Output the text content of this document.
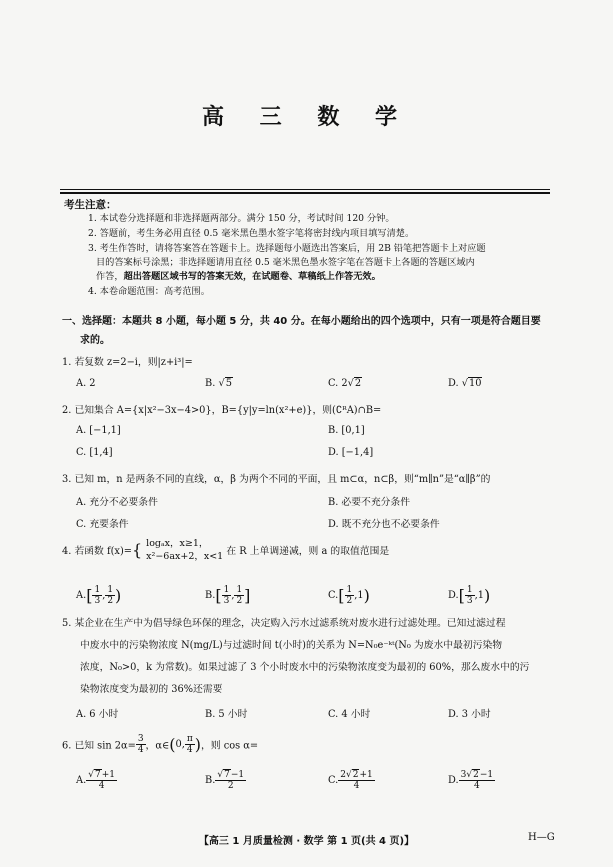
高 三 数 学
考生注意：
1. 本试卷分选择题和非选择题两部分。满分 150 分，考试时间 120 分钟。
2. 答题前，考生务必用直径 0.5 毫米黑色墨水签字笔将密封线内项目填写清楚。
3. 考生作答时，请将答案答在答题卡上。选择题每小题选出答案后，用 2B 铅笔把答题卡上对应题
目的答案标号涂黑；非选择题请用直径 0.5 毫米黑色墨水签字笔在答题卡上各题的答题区域内
作答，超出答题区域书写的答案无效，在试题卷、草稿纸上作答无效。
4. 本卷命题范围：高考范围。
一、选择题：本题共 8 小题，每小题 5 分，共 40 分。在每小题给出的四个选项中，只有一项是符合题目要
求的。
1. 若复数 z=2−i，则|z+i³|=
A. 2	B. √5	C. 2√2	D. √10
2. 已知集合 A={x|x²−3x−4>0}，B={y|y=ln(x²+e)}，则(∁ᴿA)∩B=
A. [−1,1]	B. [0,1]
C. [1,4]	D. [−1,4]
3. 已知 m，n 是两条不同的直线，α，β 为两个不同的平面，且 m⊂α，n⊂β，则“m∥n”是“α∥β”的
A. 充分不必要条件	B. 必要不充分条件
C. 充要条件	D. 既不充分也不必要条件
4. 若函数 f(x)={ logₐx，x≥1，
x²−6ax+2，x<1 在 R 上单调递减，则 a 的取值范围是
$A.[ \frac{1}{3}$ , $\frac{1}{2}$ )	$B.[ \frac{1}{3}$ , $\frac{1}{2}$ ]	$C.[ \frac{1}{2} ,1)$	$D.[ \frac{1}{3} ,1)$
5. 某企业在生产中为倡导绿色环保的理念，决定购入污水过滤系统对废水进行过滤处理。已知过滤过程
中废水中的污染物浓度 N(mg/L)与过滤时间 t(小时)的关系为 N=N₀e⁻ᵏᵗ(N₀ 为废水中最初污染物
浓度，N₀>0，k 为常数)。如果过滤了 3 个小时废水中的污染物浓度变为最初的 60%，那么废水中的污
染物浓度变为最初的 36%还需要
A. 6 小时	B. 5 小时	C. 4 小时	D. 3 小时
6. 已知 $\sin 2\alpha= \frac{3}{4}$ ，α∈(0, $\frac{\pi}{4}$ )，则 cos α=
A. $\frac{√7+1}{4}$	B. $\frac{√7-1}{2}$	C. $\frac{2√2+1}{4}$	D. $\frac{3√2-1}{4}$
【高三 1 月质量检测 · 数学 第 1 页(共 4 页)】	H—G
